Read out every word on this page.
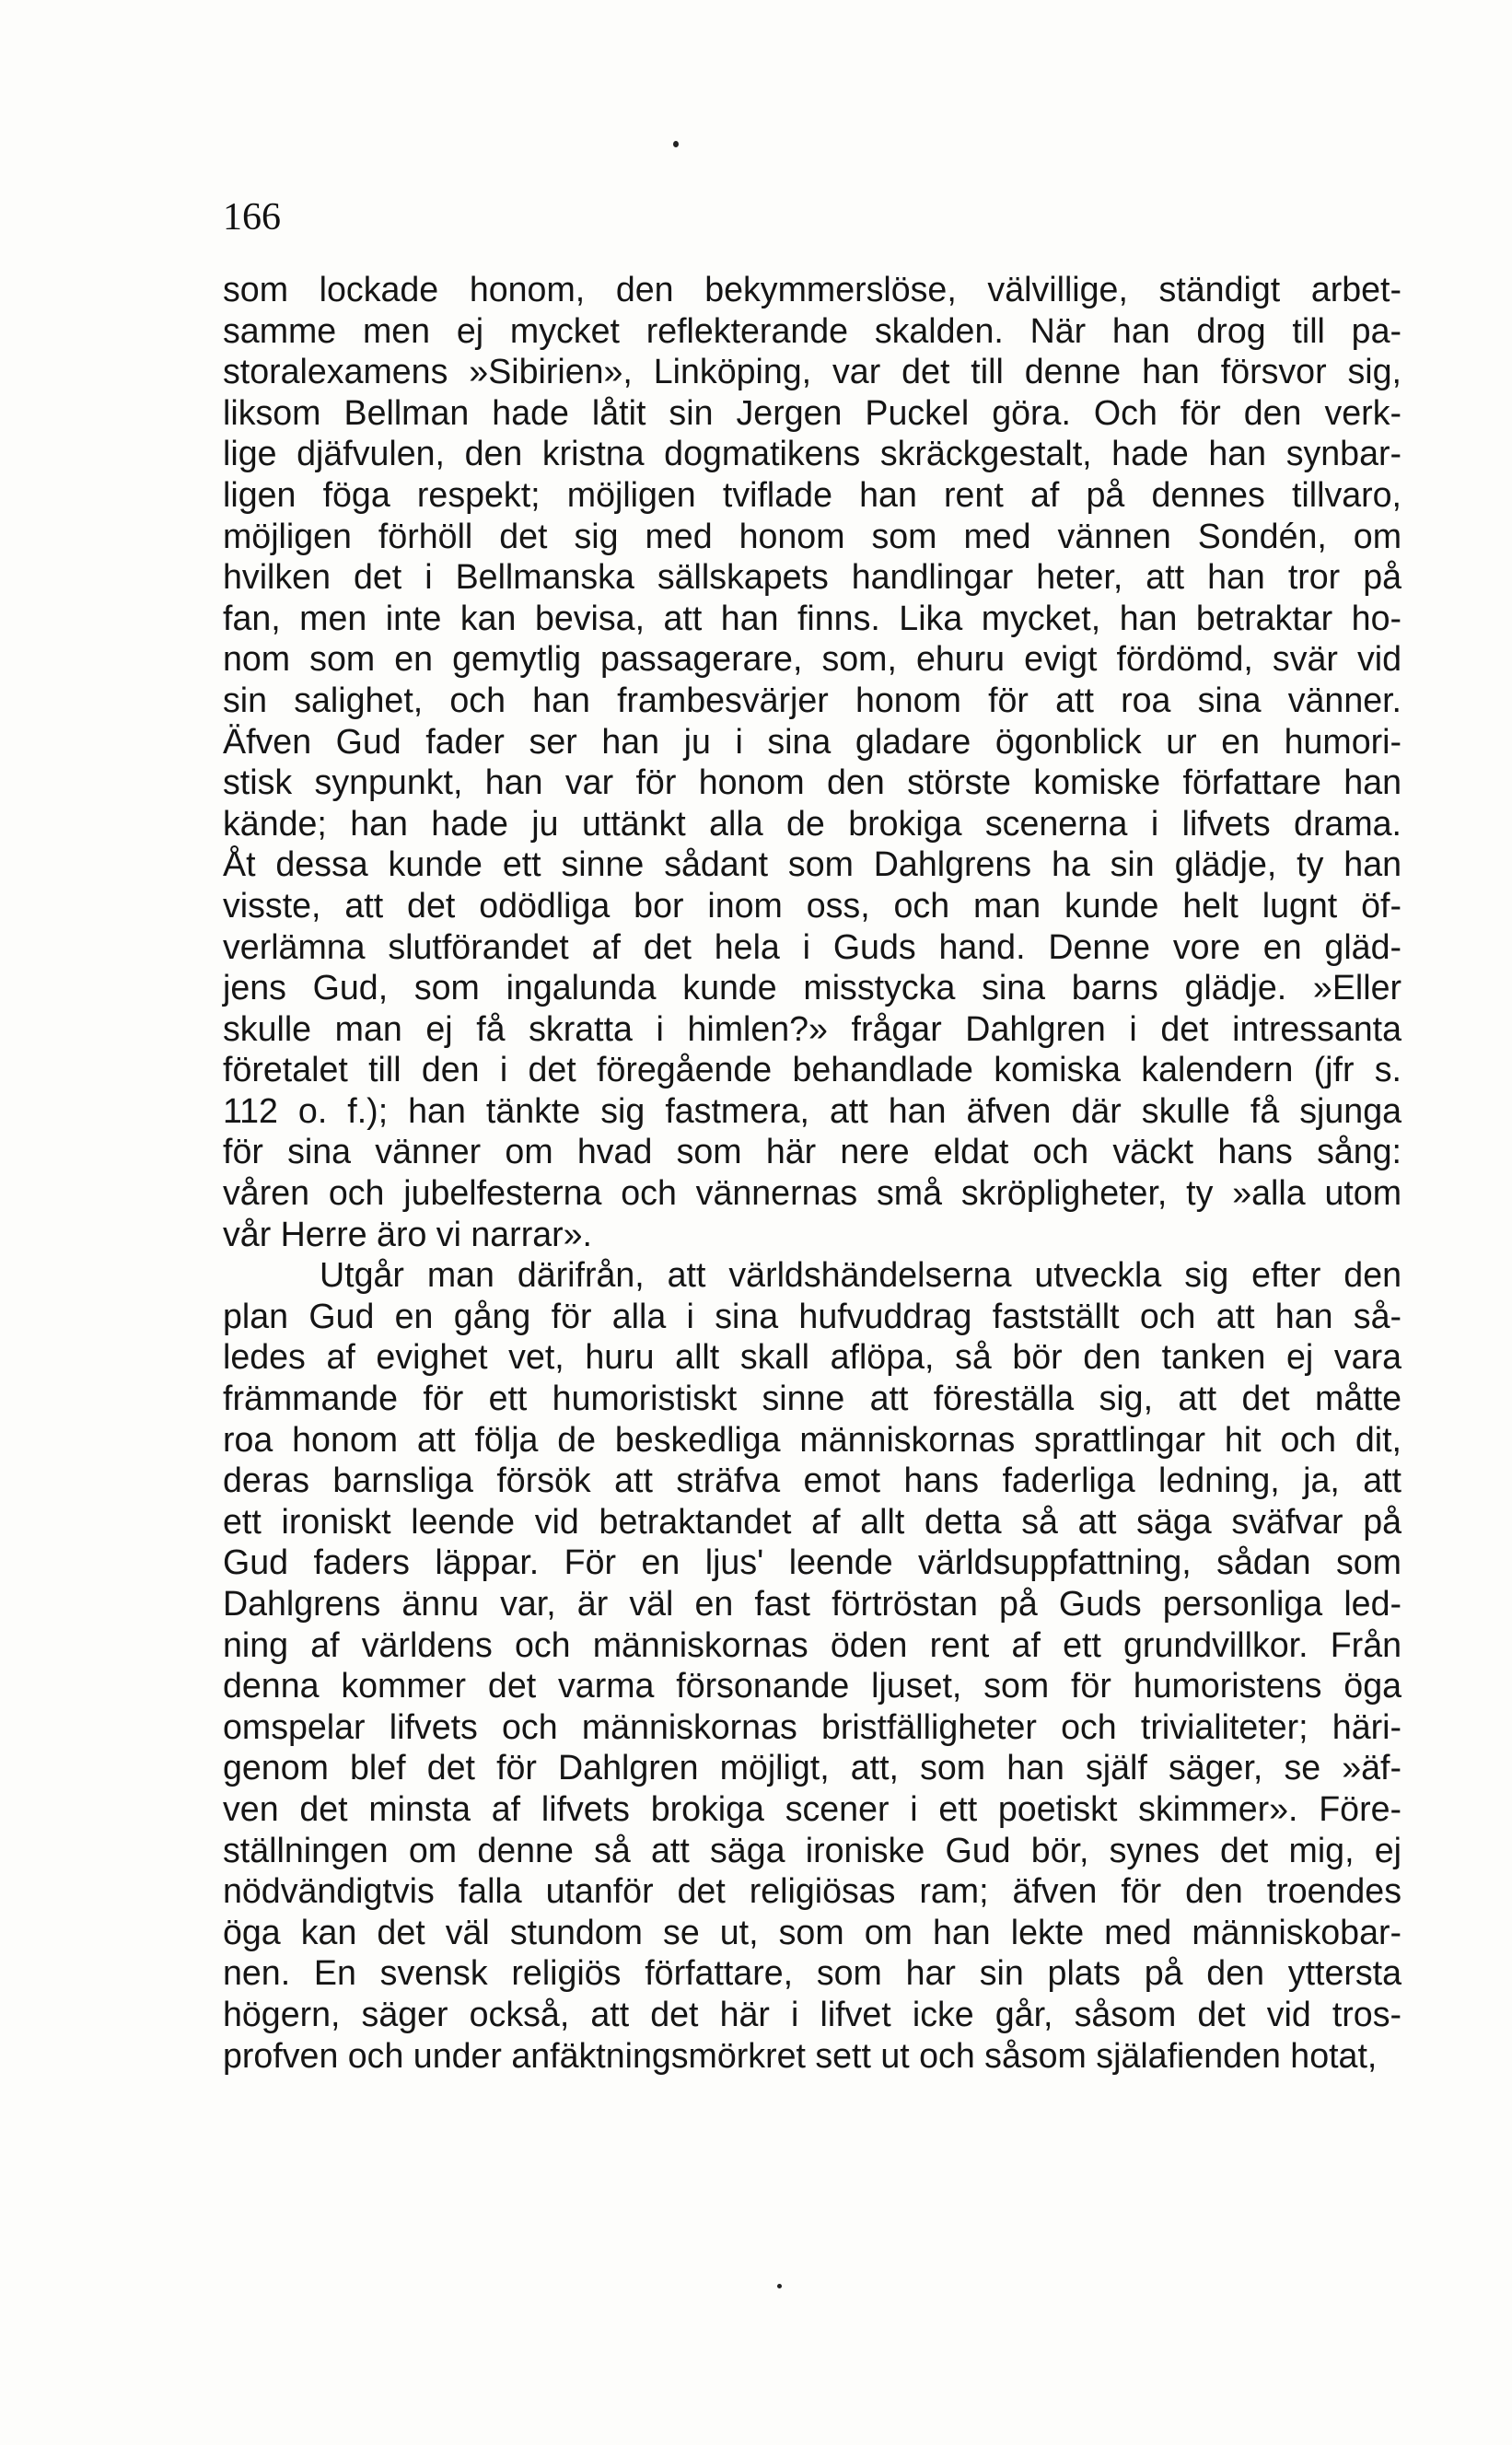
166
som lockade honom, den bekymmerslöse, välvillige, ständigt arbet-
samme men ej mycket reflekterande skalden. När han drog till pa-
storalexamens »Sibirien», Linköping, var det till denne han försvor sig,
liksom Bellman hade låtit sin Jergen Puckel göra. Och för den verk-
lige djäfvulen, den kristna dogmatikens skräckgestalt, hade han synbar-
ligen föga respekt; möjligen tviflade han rent af på dennes tillvaro,
möjligen förhöll det sig med honom som med vännen Sondén, om
hvilken det i Bellmanska sällskapets handlingar heter, att han tror på
fan, men inte kan bevisa, att han finns. Lika mycket, han betraktar ho-
nom som en gemytlig passagerare, som, ehuru evigt fördömd, svär vid
sin salighet, och han frambesvärjer honom för att roa sina vänner.
Äfven Gud fader ser han ju i sina gladare ögonblick ur en humori-
stisk synpunkt, han var för honom den störste komiske författare han
kände; han hade ju uttänkt alla de brokiga scenerna i lifvets drama.
Åt dessa kunde ett sinne sådant som Dahlgrens ha sin glädje, ty han
visste, att det odödliga bor inom oss, och man kunde helt lugnt öf-
verlämna slutförandet af det hela i Guds hand. Denne vore en gläd-
jens Gud, som ingalunda kunde misstycka sina barns glädje. »Eller
skulle man ej få skratta i himlen?» frågar Dahlgren i det intressanta
företalet till den i det föregående behandlade komiska kalendern (jfr s.
112 o. f.); han tänkte sig fastmera, att han äfven där skulle få sjunga
för sina vänner om hvad som här nere eldat och väckt hans sång:
våren och jubelfesterna och vännernas små skröpligheter, ty »alla utom
vår Herre äro vi narrar».
Utgår man därifrån, att världshändelserna utveckla sig efter den
plan Gud en gång för alla i sina hufvuddrag fastställt och att han så-
ledes af evighet vet, huru allt skall aflöpa, så bör den tanken ej vara
främmande för ett humoristiskt sinne att föreställa sig, att det måtte
roa honom att följa de beskedliga människornas sprattlingar hit och dit,
deras barnsliga försök att sträfva emot hans faderliga ledning, ja, att
ett ironiskt leende vid betraktandet af allt detta så att säga sväfvar på
Gud faders läppar. För en ljus' leende världsuppfattning, sådan som
Dahlgrens ännu var, är väl en fast förtröstan på Guds personliga led-
ning af världens och människornas öden rent af ett grundvillkor. Från
denna kommer det varma försonande ljuset, som för humoristens öga
omspelar lifvets och människornas bristfälligheter och trivialiteter; häri-
genom blef det för Dahlgren möjligt, att, som han själf säger, se »äf-
ven det minsta af lifvets brokiga scener i ett poetiskt skimmer». Före-
ställningen om denne så att säga ironiske Gud bör, synes det mig, ej
nödvändigtvis falla utanför det religiösas ram; äfven för den troendes
öga kan det väl stundom se ut, som om han lekte med människobar-
nen. En svensk religiös författare, som har sin plats på den yttersta
högern, säger också, att det här i lifvet icke går, såsom det vid tros-
profven och under anfäktningsmörkret sett ut och såsom själafienden hotat,
